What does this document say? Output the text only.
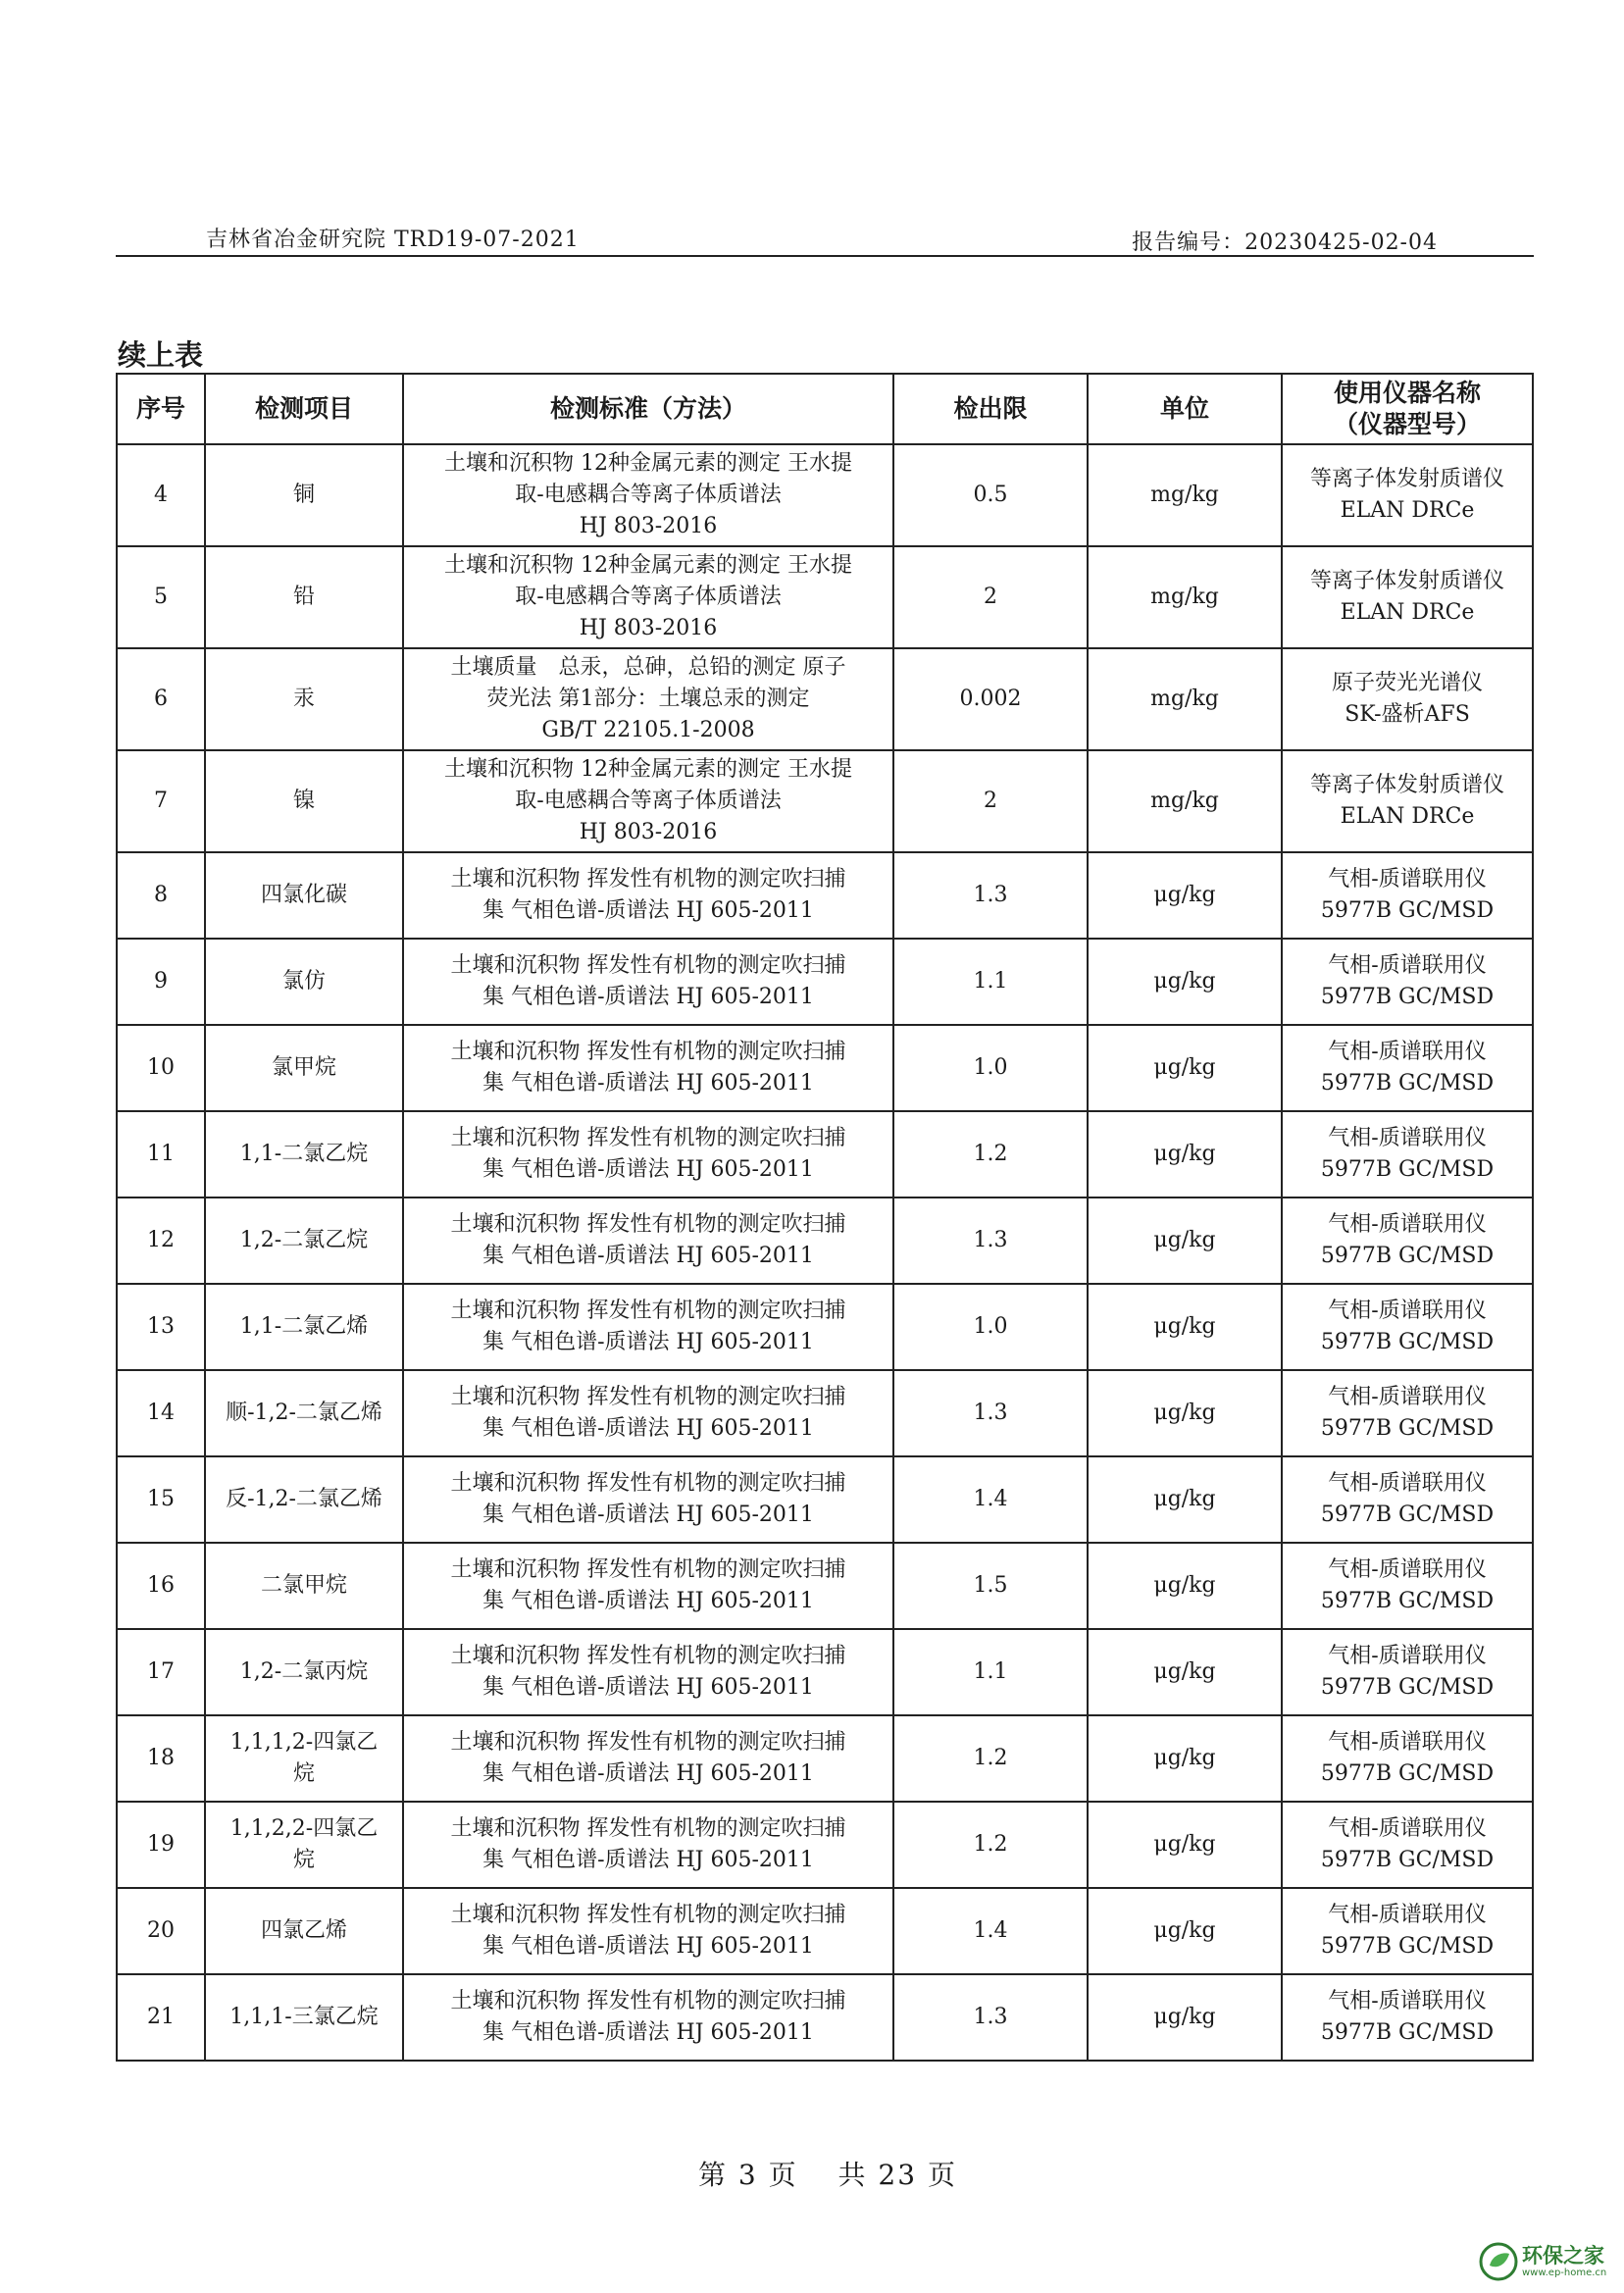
吉林省冶金研究院 TRD19-07-2021	报告编号：20230425-02-04
续上表
序号	检测项目	检测标准（方法）	检出限	单位	使用仪器名称
（仪器型号）
4	铜	土壤和沉积物 12种金属元素的测定 王水提
取-电感耦合等离子体质谱法
HJ 803-2016	0.5	mg/kg	等离子体发射质谱仪
ELAN DRCe
5	铅	土壤和沉积物 12种金属元素的测定 王水提
取-电感耦合等离子体质谱法
HJ 803-2016	2	mg/kg	等离子体发射质谱仪
ELAN DRCe
6	汞	土壤质量　总汞，总砷，总铅的测定 原子
荧光法 第1部分：土壤总汞的测定
GB/T 22105.1-2008	0.002	mg/kg	原子荧光光谱仪
SK-盛析AFS
7	镍	土壤和沉积物 12种金属元素的测定 王水提
取-电感耦合等离子体质谱法
HJ 803-2016	2	mg/kg	等离子体发射质谱仪
ELAN DRCe
8	四氯化碳	土壤和沉积物 挥发性有机物的测定吹扫捕
集 气相色谱-质谱法 HJ 605-2011	1.3	μg/kg	气相-质谱联用仪
5977B GC/MSD
9	氯仿	土壤和沉积物 挥发性有机物的测定吹扫捕
集 气相色谱-质谱法 HJ 605-2011	1.1	μg/kg	气相-质谱联用仪
5977B GC/MSD
10	氯甲烷	土壤和沉积物 挥发性有机物的测定吹扫捕
集 气相色谱-质谱法 HJ 605-2011	1.0	μg/kg	气相-质谱联用仪
5977B GC/MSD
11	1,1-二氯乙烷	土壤和沉积物 挥发性有机物的测定吹扫捕
集 气相色谱-质谱法 HJ 605-2011	1.2	μg/kg	气相-质谱联用仪
5977B GC/MSD
12	1,2-二氯乙烷	土壤和沉积物 挥发性有机物的测定吹扫捕
集 气相色谱-质谱法 HJ 605-2011	1.3	μg/kg	气相-质谱联用仪
5977B GC/MSD
13	1,1-二氯乙烯	土壤和沉积物 挥发性有机物的测定吹扫捕
集 气相色谱-质谱法 HJ 605-2011	1.0	μg/kg	气相-质谱联用仪
5977B GC/MSD
14	顺-1,2-二氯乙烯	土壤和沉积物 挥发性有机物的测定吹扫捕
集 气相色谱-质谱法 HJ 605-2011	1.3	μg/kg	气相-质谱联用仪
5977B GC/MSD
15	反-1,2-二氯乙烯	土壤和沉积物 挥发性有机物的测定吹扫捕
集 气相色谱-质谱法 HJ 605-2011	1.4	μg/kg	气相-质谱联用仪
5977B GC/MSD
16	二氯甲烷	土壤和沉积物 挥发性有机物的测定吹扫捕
集 气相色谱-质谱法 HJ 605-2011	1.5	μg/kg	气相-质谱联用仪
5977B GC/MSD
17	1,2-二氯丙烷	土壤和沉积物 挥发性有机物的测定吹扫捕
集 气相色谱-质谱法 HJ 605-2011	1.1	μg/kg	气相-质谱联用仪
5977B GC/MSD
18	1,1,1,2-四氯乙
烷	土壤和沉积物 挥发性有机物的测定吹扫捕
集 气相色谱-质谱法 HJ 605-2011	1.2	μg/kg	气相-质谱联用仪
5977B GC/MSD
19	1,1,2,2-四氯乙
烷	土壤和沉积物 挥发性有机物的测定吹扫捕
集 气相色谱-质谱法 HJ 605-2011	1.2	μg/kg	气相-质谱联用仪
5977B GC/MSD
20	四氯乙烯	土壤和沉积物 挥发性有机物的测定吹扫捕
集 气相色谱-质谱法 HJ 605-2011	1.4	μg/kg	气相-质谱联用仪
5977B GC/MSD
21	1,1,1-三氯乙烷	土壤和沉积物 挥发性有机物的测定吹扫捕
集 气相色谱-质谱法 HJ 605-2011	1.3	μg/kg	气相-质谱联用仪
5977B GC/MSD
第 3 页　 共 23 页
环保之家
www.ep-home.cn
